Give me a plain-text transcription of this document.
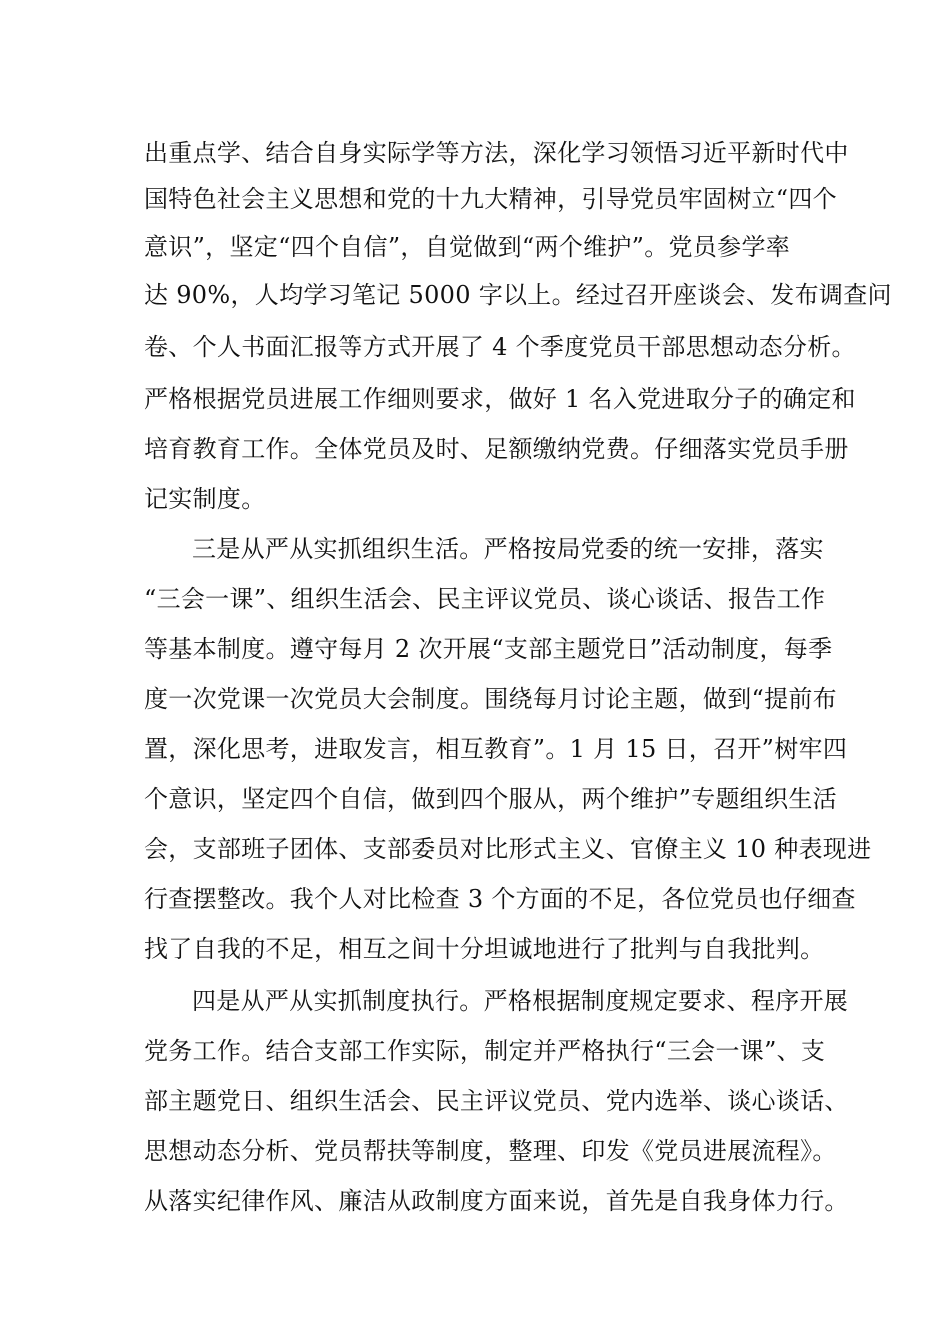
出重点学、结合自身实际学等方法，深化学习领悟习近平新时代中
国特色社会主义思想和党的十九大精神，引导党员牢固树立“四个
意识”，坚定“四个自信”，自觉做到“两个维护”。党员参学率
达 90%，人均学习笔记 5000 字以上。经过召开座谈会、发布调查问
卷、个人书面汇报等方式开展了 4 个季度党员干部思想动态分析。
严格根据党员进展工作细则要求，做好 1 名入党进取分子的确定和
培育教育工作。全体党员及时、足额缴纳党费。仔细落实党员手册
记实制度。
三是从严从实抓组织生活。严格按局党委的统一安排，落实
“三会一课”、组织生活会、民主评议党员、谈心谈话、报告工作
等基本制度。遵守每月 2 次开展“支部主题党日”活动制度，每季
度一次党课一次党员大会制度。围绕每月讨论主题，做到“提前布
置，深化思考，进取发言，相互教育”。1 月 15 日，召开”树牢四
个意识，坚定四个自信，做到四个服从，两个维护”专题组织生活
会，支部班子团体、支部委员对比形式主义、官僚主义 10 种表现进
行查摆整改。我个人对比检查 3 个方面的不足，各位党员也仔细查
找了自我的不足，相互之间十分坦诚地进行了批判与自我批判。
四是从严从实抓制度执行。严格根据制度规定要求、程序开展
党务工作。结合支部工作实际，制定并严格执行“三会一课”、支
部主题党日、组织生活会、民主评议党员、党内选举、谈心谈话、
思想动态分析、党员帮扶等制度，整理、印发《党员进展流程》。
从落实纪律作风、廉洁从政制度方面来说，首先是自我身体力行。
